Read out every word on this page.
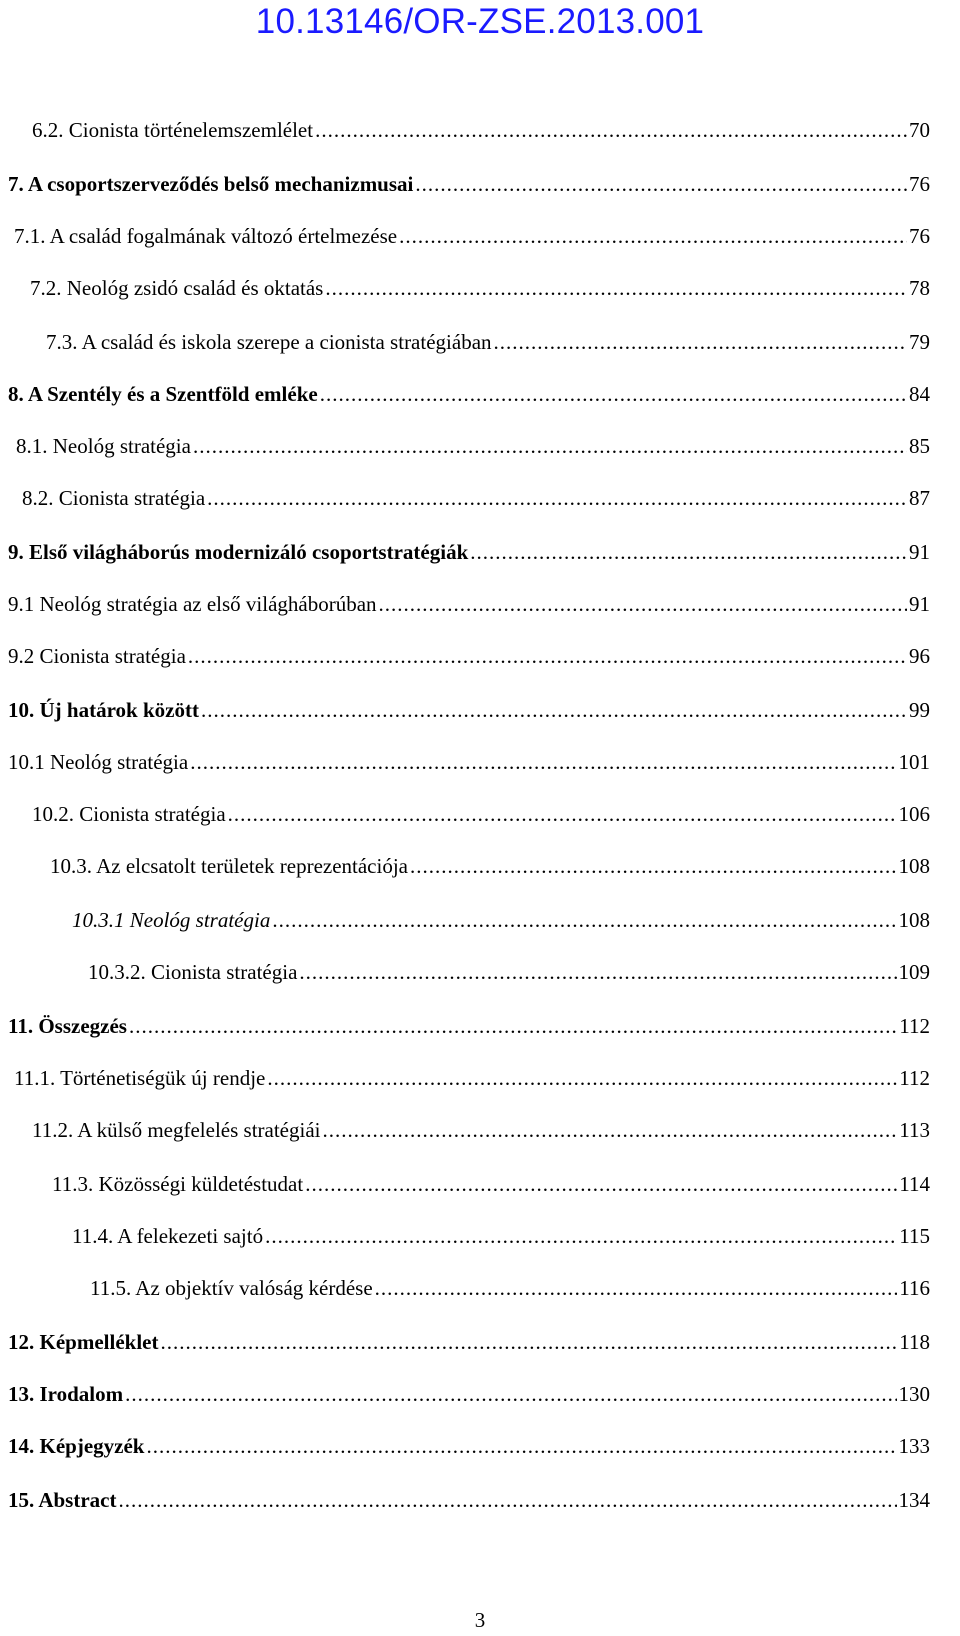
10.13146/OR-ZSE.2013.001
6.2. Cionista történelemszemlélet .....	70
7. A csoportszerveződés belső mechanizmusai .....	76
7.1. A család fogalmának változó értelmezése .....	76
7.2. Neológ zsidó család és oktatás .....	78
7.3. A család és iskola szerepe a cionista stratégiában .....	79
8. A Szentély és a Szentföld emléke .....	84
8.1. Neológ stratégia .....	85
8.2. Cionista stratégia .....	87
9. Első világháborús modernizáló csoportstratégiák .....	91
9.1 Neológ stratégia az első világháborúban .....	91
9.2 Cionista stratégia .....	96
10. Új határok között .....	99
10.1 Neológ stratégia .....	101
10.2. Cionista stratégia .....	106
10.3. Az elcsatolt területek reprezentációja .....	108
10.3.1 Neológ stratégia .....	108
10.3.2. Cionista stratégia .....	109
11. Összegzés .....	112
11.1. Történetiségük új rendje .....	112
11.2. A külső megfelelés stratégiái .....	113
11.3. Közösségi küldetéstudat .....	114
11.4. A felekezeti sajtó .....	115
11.5. Az objektív valóság kérdése .....	116
12. Képmelléklet .....	118
13. Irodalom .....	130
14. Képjegyzék .....	133
15. Abstract .....	134
3
